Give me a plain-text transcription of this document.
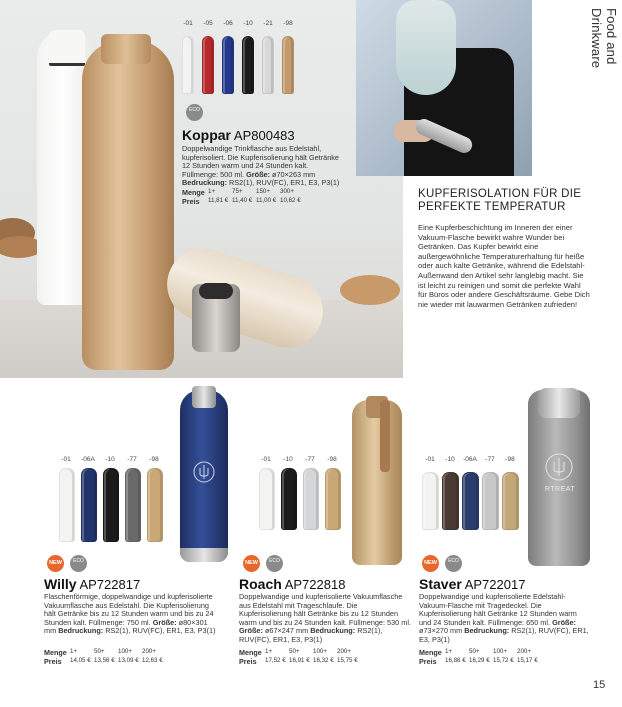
-01	-05	-06	-10	-21	-98
ECO
Koppar AP800483
Doppelwandige Trinkflasche aus Edelstahl, kupferisoliert. Die Kupferisolierung hält Getränke 12 Stunden warm und 24 Stunden kalt. Füllmenge: 500 ml. Größe: ø70×263 mm Bedruckung: RS2(1), RUV(FC), ER1, E3, P3(1)
Menge 1+	75+	150+	300+
Preis	11,81 € 11,40 € 11,00 € 10,62 €
Food and Drinkware
KUPFERISOLATION FÜR DIE
PERFEKTE TEMPERATUR
Eine Kupferbeschichtung im Inneren der einer Vakuum-Flasche bewirkt wahre Wunder bei Getränken. Das Kupfer bewirkt eine außergewöhnliche Temperaturerhaltung für heiße oder auch kalte Getränke, während die Edelstahl-Außenwand den Artikel sehr langlebig macht. Sie ist leicht zu reinigen und somit die perfekte Wahl für Büros oder andere Geschäftsräume. Gebe Dich nie wieder mit lauwarmen Getränken zufrieden!
-01	-06A	-10	-77	-98
NEW	ECO
Willy AP722817
Flaschenförmige, doppelwandige und kupferisolierte Vakuumflasche aus Edelstahl. Die Kupferisolierung hält Getränke bis zu 12 Stunden warm und bis zu 24 Stunden kalt. Füllmenge: 750 ml. Größe: ø80×301 mm Bedruckung: RS2(1), RUV(FC), ER1, E3, P3(1)
Menge 1+	50+	100+	200+
Preis	14,05 € 13,56 € 13,09 € 12,63 €
-01	-10	-77	-98
NEW	ECO
Roach AP722818
Doppelwandige und kupferisolierte Vakuumflasche aus Edelstahl mit Trageschlaufe. Die Kupferisolierung hält Getränke bis zu 12 Stunden warm und bis zu 24 Stunden kalt. Füllmenge: 530 ml. Größe: ø67×247 mm Bedruckung: RS2(1), RUV(FC), ER1, E3, P3(1)
Menge 1+	50+	100+	200+
Preis	17,52 € 16,91 € 16,32 € 15,75 €
-01	-10	-06A	-77	-98
RTREAT
NEW	ECO
Staver AP722017
Doppelwandige und kupferisolierte Edelstahl-Vakuum-Flasche mit Tragedeckel. Die Kupferisolierung hält Getränke 12 Stunden warm und 24 Stunden kalt. Füllmenge: 650 ml. Größe: ø73×270 mm Bedruckung: RS2(1), RUV(FC), ER1, E3, P3(1)
Menge 1+	50+	100+	200+
Preis	16,88 € 16,29 € 15,72 € 15,17 €
15
